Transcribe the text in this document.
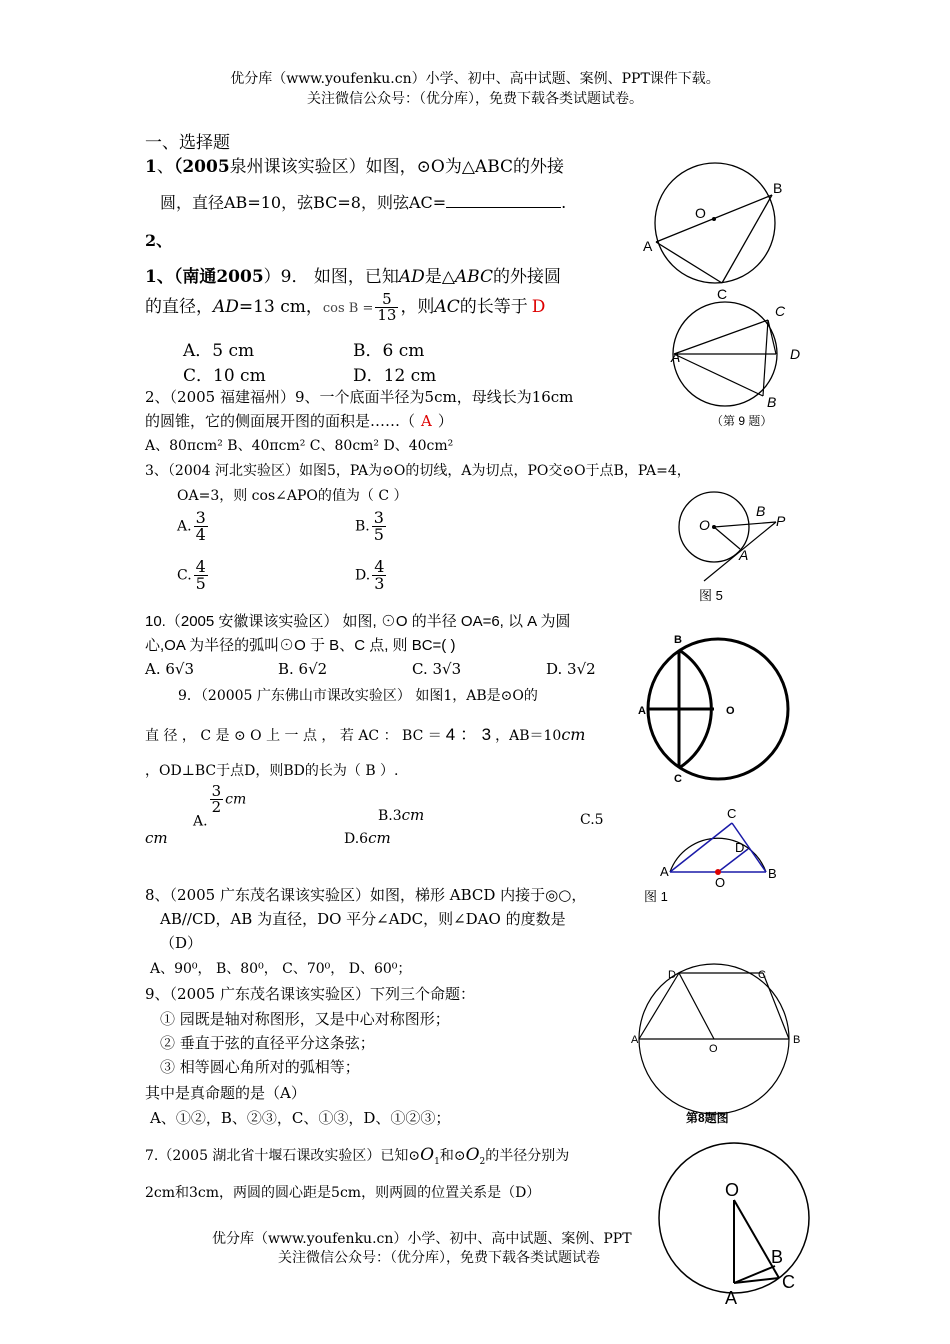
优分库（www.youfenku.cn）小学、初中、高中试题、案例、PPT课件下载。
关注微信公众号：（优分库），免费下载各类试题试卷。
一、选择题
1、（2005泉州课该实验区）如图，⊙O为△ABC的外接
圆，直径AB=10，弦BC=8，则弦AC=	.
2、
1、（南通2005）9． 如图，已知AD是△ABC的外接圆
的直径，AD=13 cm，$\cos B = \frac{5}{13}$ ，则AC的长等于 D
A．5 cm	B．6 cm
C．10 cm	D．12 cm
2、（2005 福建福州）9、一个底面半径为5cm，母线长为16cm
的圆锥，它的侧面展开图的面积是……（ A ）
A、80πcm² B、40πcm² C、80cm² D、40cm²
3、（2004 河北实验区）如图5，PA为⊙O的切线，A为切点，PO交⊙O于点B，PA=4，
OA=3，则 cos∠APO的值为（ C ）
A. $\frac{3}{4}$	B. $\frac{3}{5}$
C. $\frac{4}{5}$	D. $\frac{4}{3}$
10.（2005 安徽课该实验区） 如图, ⊙O 的半径 OA=6, 以 A 为圆
心,OA 为半径的弧叫⊙O 于 B、C 点, 则 BC=( )
A. 6√3	B. 6√2	C. 3√3	D. 3√2
9．（20005 广东佛山市课改实验区） 如图1，AB是⊙O的
直 径 ， C 是 ⊙ O 上 一 点 ， 若 AC ： BC ＝ 4 ： 3 ，AB＝10cm
，OD⊥BC于点D，则BD的长为（ B ）.
A.
$\frac{3}{2}$ cm
B.3cm	C.5
cm	D.6cm
8、（2005 广东茂名课该实验区）如图，梯形 ABCD 内接于◎○，
AB//CD，AB 为直径，DO 平分∠ADC，则∠DAO 的度数是
（D）
A、90⁰， B、80⁰， C、70⁰， D、60⁰；
9、（2005 广东茂名课该实验区）下列三个命题：
① 园既是轴对称图形，又是中心对称图形；
② 垂直于弦的直径平分这条弦；
③ 相等圆心角所对的弧相等；
其中是真命题的是（A）
A、①②，B、②③，C、①③，D、①②③；
7.（2005 湖北省十堰石课改实验区）已知$⊙O_1$和$⊙O_2$的半径分别为
2cm和3cm，两圆的圆心距是5cm，则两圆的位置关系是（D）
优分库（www.youfenku.cn）小学、初中、高中试题、案例、PPT
关注微信公众号：（优分库），免费下载各类试题试卷
O
A
B
C
A
C
D
B
（第 9 题）
O
B
P
A
图 5
A
B
C
O
C
D
A	B
O
图 1
D	C
A	B
O
第8题图
O
B
C
A
